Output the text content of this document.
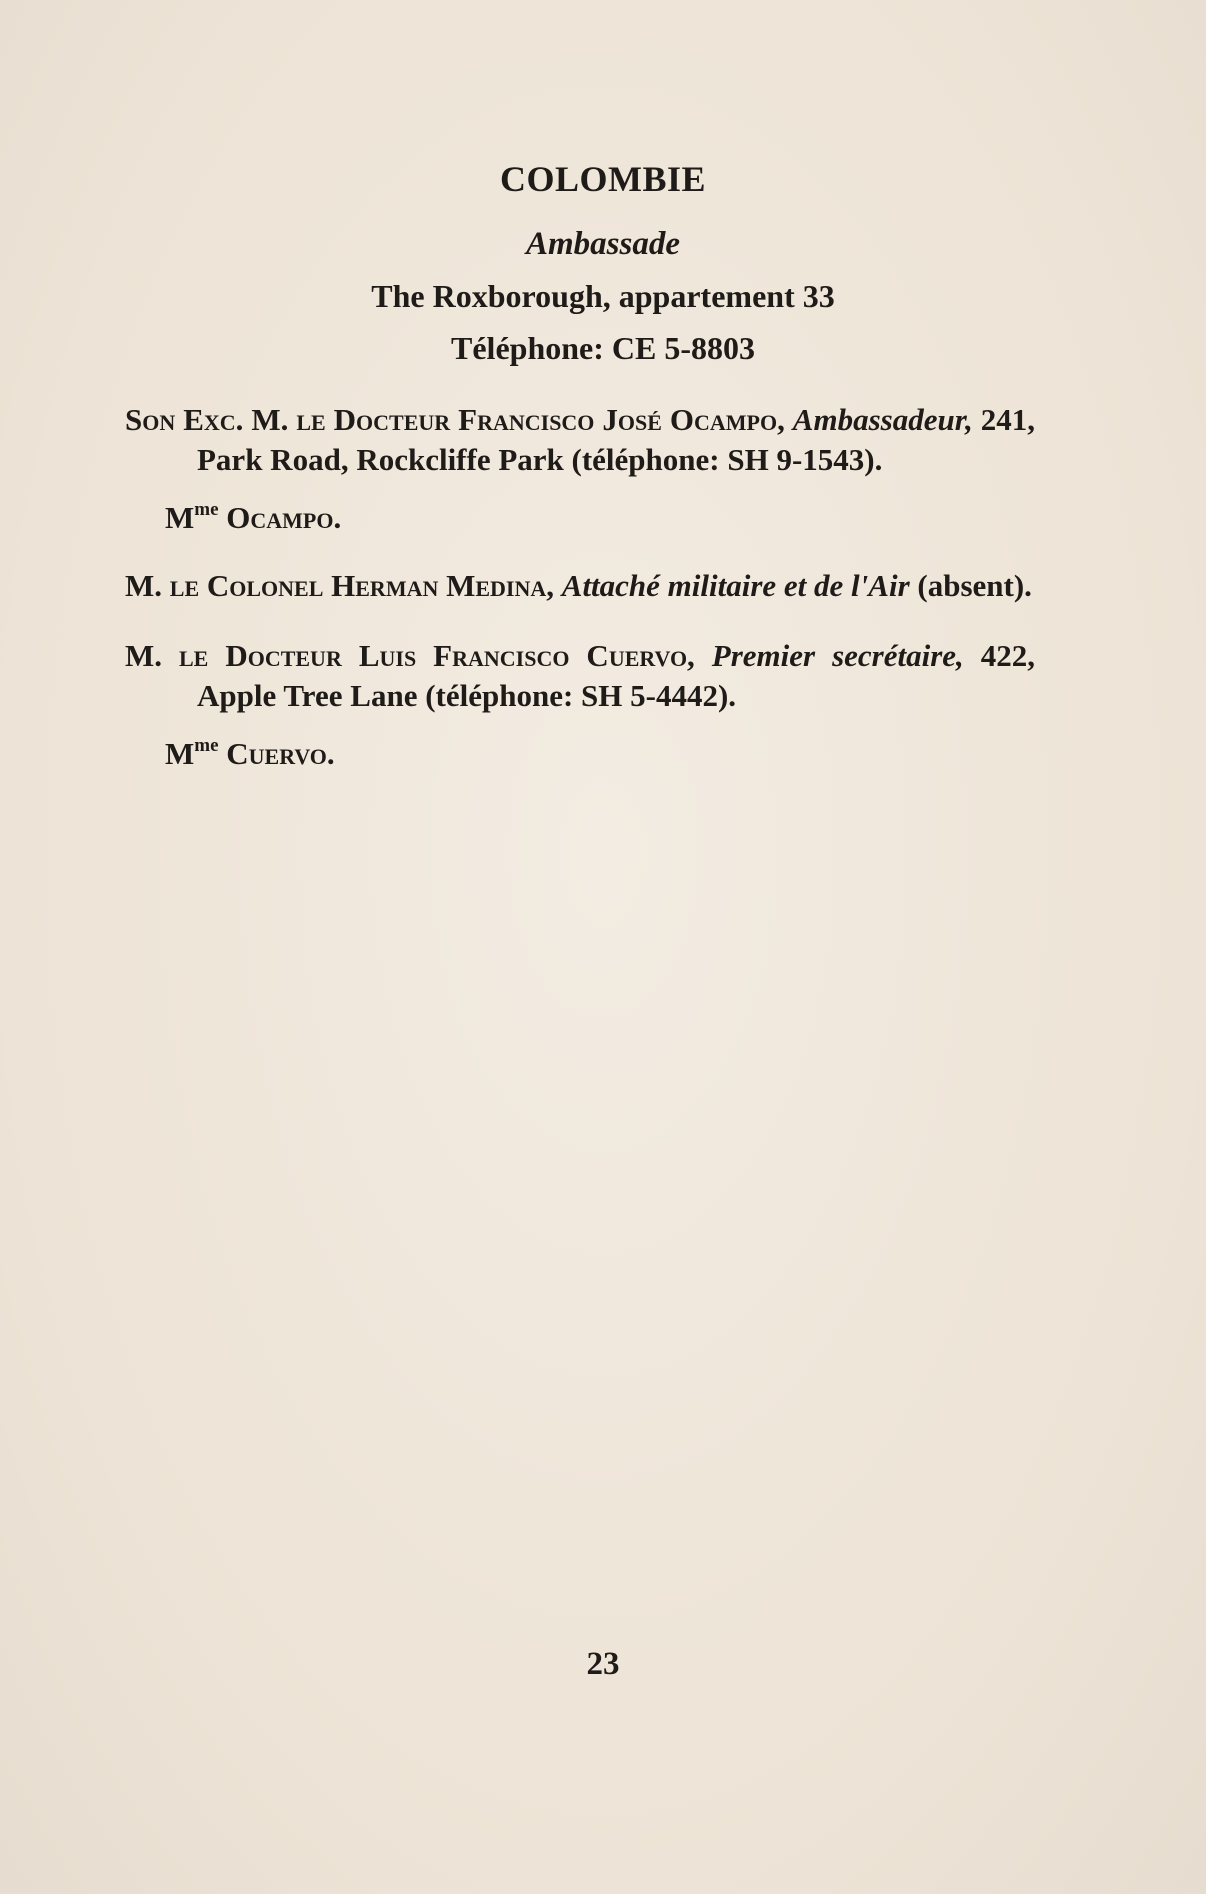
COLOMBIE
Ambassade
The Roxborough, appartement 33
Téléphone: CE 5-8803

Son Exc. M. le Docteur Francisco José Ocampo, Ambassadeur, 241, Park Road, Rockcliffe Park (téléphone: SH 9-1543).

$M^{me}$ Ocampo.

M. le Colonel Herman Medina, Attaché militaire et de l'Air (absent).

M. le Docteur Luis Francisco Cuervo, Premier secrétaire, 422, Apple Tree Lane (téléphone: SH 5-4442).

$M^{me}$ Cuervo.

23
